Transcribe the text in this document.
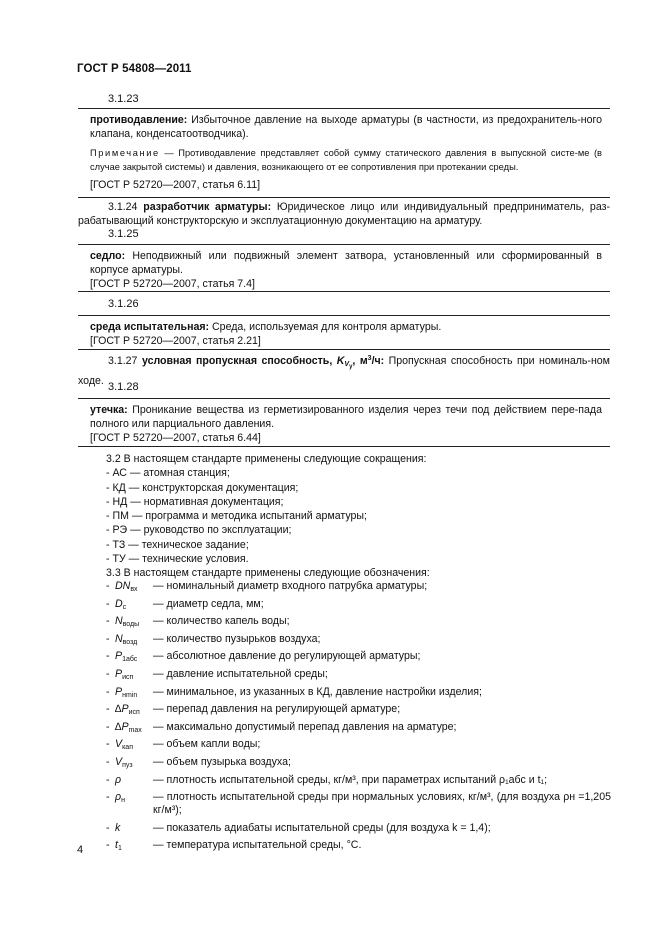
ГОСТ Р 54808—2011
3.1.23
противодавление: Избыточное давление на выходе арматуры (в частности, из предохранитель-ного клапана, конденсатоотводчика).
Примечание — Противодавление представляет собой сумму статического давления в выпускной систе-ме (в случае закрытой системы) и давления, возникающего от ее сопротивления при протекании среды.
[ГОСТ Р 52720—2007, статья 6.11]
3.1.24 разработчик арматуры: Юридическое лицо или индивидуальный предприниматель, раз-рабатывающий конструкторскую и эксплуатационную документацию на арматуру.
3.1.25
седло: Неподвижный или подвижный элемент затвора, установленный или сформированный в корпусе арматуры.
[ГОСТ Р 52720—2007, статья 7.4]
3.1.26
среда испытательная: Среда, используемая для контроля арматуры.
[ГОСТ Р 52720—2007, статья 2.21]
3.1.27 условная пропускная способность, $K_{V_y}$, $м^3/ч$: Пропускная способность при номиналь-ном ходе. 3.1.28
утечка: Проникание вещества из герметизированного изделия через течи под действием пере-пада полного или парциального давления.
[ГОСТ Р 52720—2007, статья 6.44]
3.2 В настоящем стандарте применены следующие сокращения:
- АС — атомная станция;
- КД — конструкторская документация;
- НД — нормативная документация;
- ПМ — программа и методика испытаний арматуры;
- РЭ — руководство по эксплуатации;
- ТЗ — техническое задание;
- ТУ — технические условия.
3.3 В настоящем стандарте применены следующие обозначения:
- $DN_{вх}$ — номинальный диаметр входного патрубка арматуры;
- $D_с$	— диаметр седла, мм;
- $N_{воды}$ — количество капель воды;
- $N_{возд}$ — количество пузырьков воздуха;
- $P_{1абс}$ — абсолютное давление до регулирующей арматуры;
- $P_{исп}$ — давление испытательной среды;
- $P_{нmin}$ — минимальное, из указанных в КД, давление настройки изделия;
- $\Delta P_{исп}$ — перепад давления на регулирующей арматуре;
- $\Delta P_{max}$ — максимально допустимый перепад давления на арматуре;
- $V_{кап}$ — объем капли воды;
- $V_{пуз}$ — объем пузырька воздуха;
- ρ	— плотность испытательной среды, кг/м³, при параметрах испытаний ρ₁абс и t₁;
- $\rho_н$	— плотность испытательной среды при нормальных условиях, кг/м³, (для воздуха ρн =1,205 кг/м³);
- k	— показатель адиабаты испытательной среды (для воздуха k = 1,4);
- $t_1$	— температура испытательной среды, °С.
4
